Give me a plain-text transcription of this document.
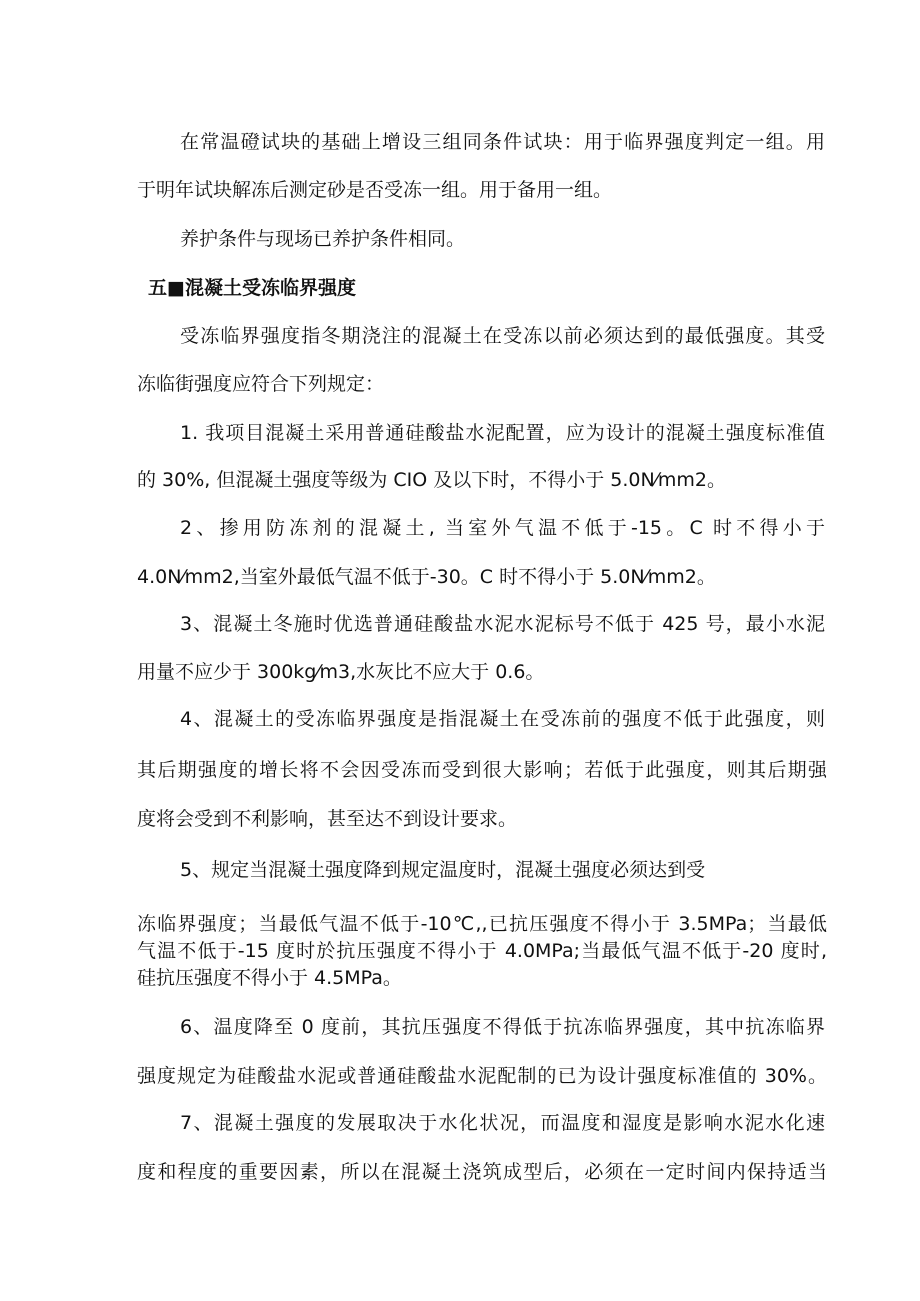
在常温磴试块的基础上增设三组同条件试块：用于临界强度判定一组。用
于明年试块解冻后测定砂是否受冻一组。用于备用一组。
养护条件与现场已养护条件相同。
五■混凝土受冻临界强度
受冻临界强度指冬期浇注的混凝土在受冻以前必须达到的最低强度。其受
冻临街强度应符合下列规定：
1. 我项目混凝土采用普通硅酸盐水泥配置，应为设计的混凝土强度标准值
的 30%, 但混凝土强度等级为 CIO 及以下时，不得小于 5.0N⁄mm2。
2、掺用防冻剂的混凝土, 当室外气温不低于-15。C 时不得小于
4.0N⁄mm2,当室外最低气温不低于-30。C 时不得小于 5.0N⁄mm2。
3、混凝土冬施时优选普通硅酸盐水泥水泥标号不低于 425 号，最小水泥
用量不应少于 300kg⁄m3,水灰比不应大于 0.6。
4、混凝土的受冻临界强度是指混凝土在受冻前的强度不低于此强度，则
其后期强度的增长将不会因受冻而受到很大影响；若低于此强度，则其后期强
度将会受到不利影响，甚至达不到设计要求。
5、规定当混凝土强度降到规定温度时，混凝土强度必须达到受
冻临界强度；当最低气温不低于-10℃,,已抗压强度不得小于 3.5MPa；当最低
气温不低于-15 度时於抗压强度不得小于 4.0MPa;当最低气温不低于-20 度时,
硅抗压强度不得小于 4.5MPa。
6、温度降至 0 度前，其抗压强度不得低于抗冻临界强度，其中抗冻临界
强度规定为硅酸盐水泥或普通硅酸盐水泥配制的已为设计强度标准值的 30%。
7、混凝土强度的发展取决于水化状况，而温度和湿度是影响水泥水化速
度和程度的重要因素，所以在混凝土浇筑成型后，必须在一定时间内保持适当
